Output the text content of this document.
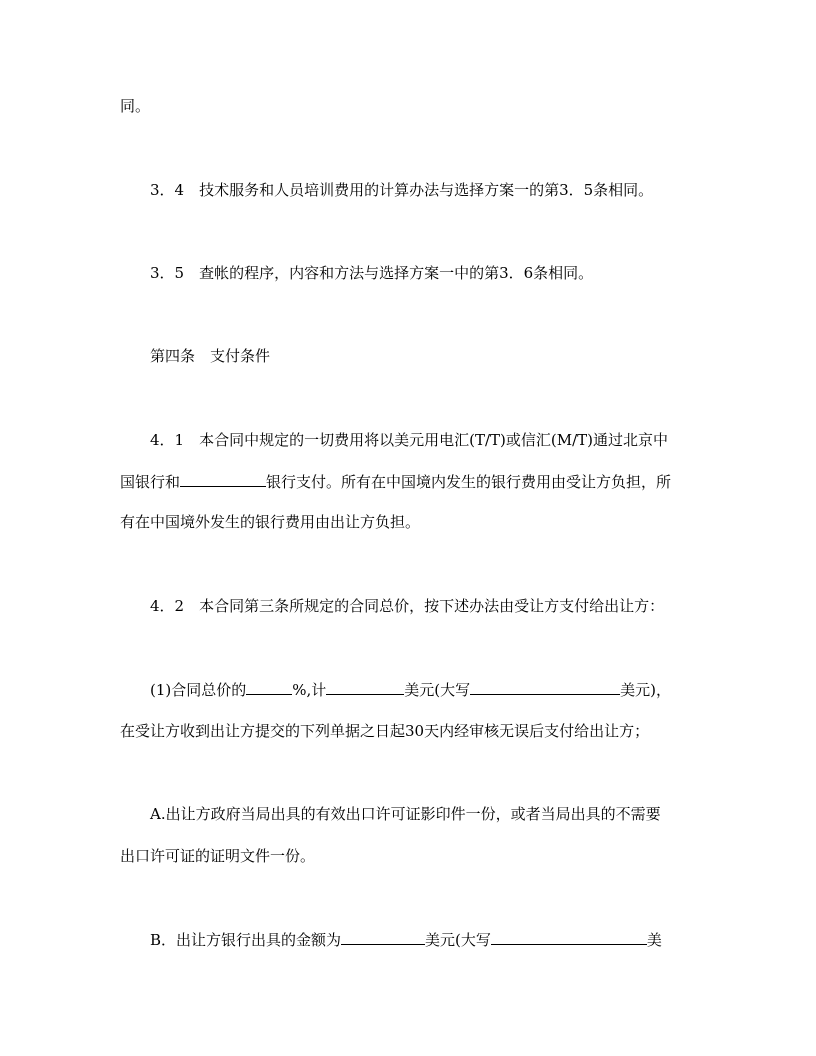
同。
3．4　技术服务和人员培训费用的计算办法与选择方案一的第3．5条相同。
3．5　查帐的程序，内容和方法与选择方案一中的第3．6条相同。
第四条　支付条件
4．1　本合同中规定的一切费用将以美元用电汇(T/T)或信汇(M/T)通过北京中
国银行和	银行支付。所有在中国境内发生的银行费用由受让方负担，所
有在中国境外发生的银行费用由出让方负担。
4．2　本合同第三条所规定的合同总价，按下述办法由受让方支付给出让方：
(1)合同总价的	%,计	美元(大写	美元)，
在受让方收到出让方提交的下列单据之日起30天内经审核无误后支付给出让方；
A.出让方政府当局出具的有效出口许可证影印件一份，或者当局出具的不需要
出口许可证的证明文件一份。
B．出让方银行出具的金额为	美元(大写	美
